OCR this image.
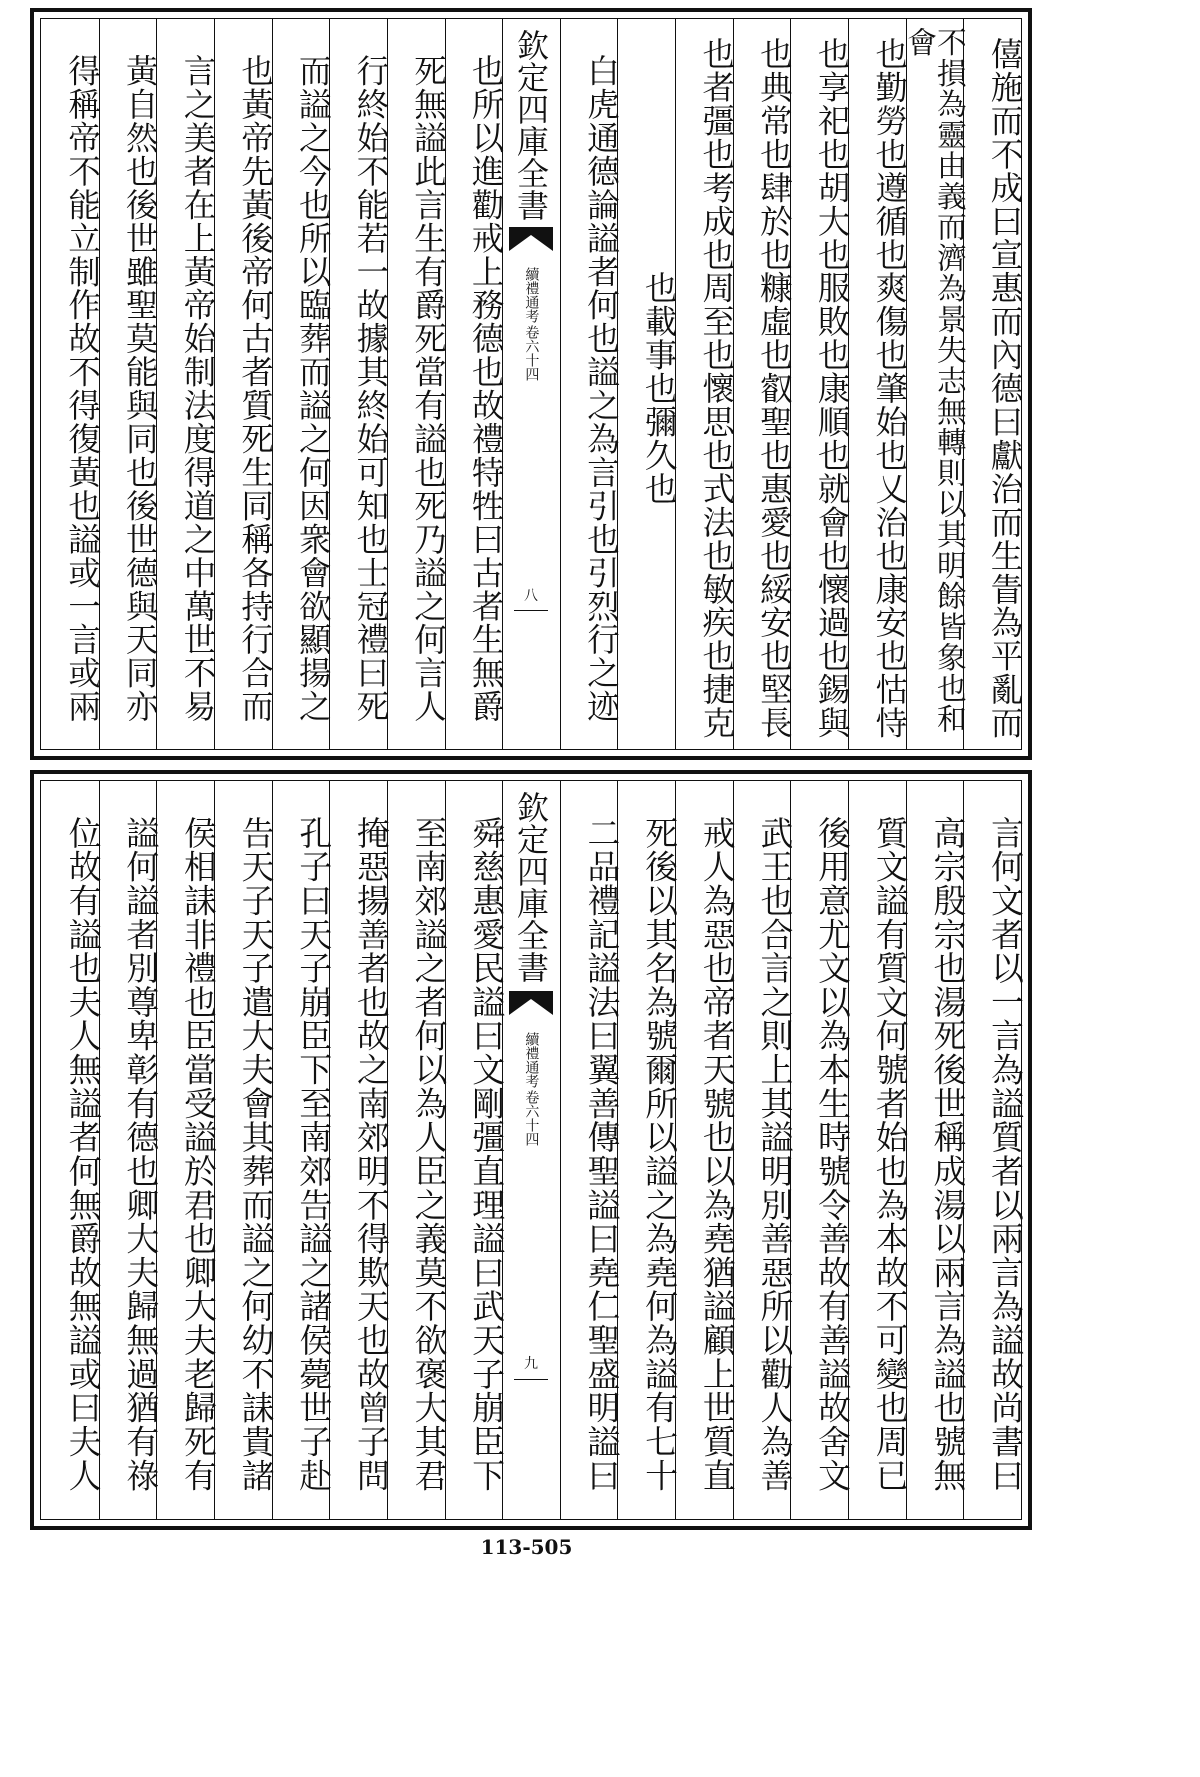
僖施而不成曰宣惠而內德曰獻治而生眚為平亂而
不損為靈由義而濟為景失志無轉則以其明餘皆象也和會
也勤勞也遵循也爽傷也肇始也乂治也康安也怙恃
也享祀也胡大也服敗也康順也就會也懷過也錫與
也典常也肆於也糠虛也叡聖也惠愛也綏安也堅長
也者彊也考成也周至也懷思也式法也敏疾也捷克
也載事也彌久也
白虎通德論謚者何也謚之為言引也引烈行之迹
欽定四庫全書
續禮通考
卷六十四
八
也所以進勸戒上務德也故禮特牲曰古者生無爵
死無謚此言生有爵死當有謚也死乃謚之何言人
行終始不能若一故據其終始可知也士冠禮曰死
而謚之今也所以臨葬而謚之何因衆會欲顯揚之
也黃帝先黃後帝何古者質死生同稱各持行合而
言之美者在上黃帝始制法度得道之中萬世不易
黃自然也後世雖聖莫能與同也後世德與天同亦
得稱帝不能立制作故不得復黃也謚或一言或兩
言何文者以一言為謚質者以兩言為謚故尚書曰
高宗殷宗也湯死後世稱成湯以兩言為謚也號無
質文謚有質文何號者始也為本故不可變也周已
後用意尤文以為本生時號令善故有善謚故舍文
武王也合言之則上其謚明別善惡所以勸人為善
戒人為惡也帝者天號也以為堯猶謚顧上世質直
死後以其名為號爾所以謚之為堯何為謚有七十
二品禮記謚法曰翼善傳聖謚曰堯仁聖盛明謚曰
欽定四庫全書
續禮通考
卷六十四
九
舜慈惠愛民謚曰文剛彊直理謚曰武天子崩臣下
至南郊謚之者何以為人臣之義莫不欲褒大其君
掩惡揚善者也故之南郊明不得欺天也故曾子問
孔子曰天子崩臣下至南郊告謚之諸侯薨世子赴
告天子天子遣大夫會其葬而謚之何幼不誄貴諸
侯相誄非禮也臣當受謚於君也卿大夫老歸死有
謚何謚者別尊卑彰有德也卿大夫歸無過猶有祿
位故有謚也夫人無謚者何無爵故無謚或曰夫人
113-505
